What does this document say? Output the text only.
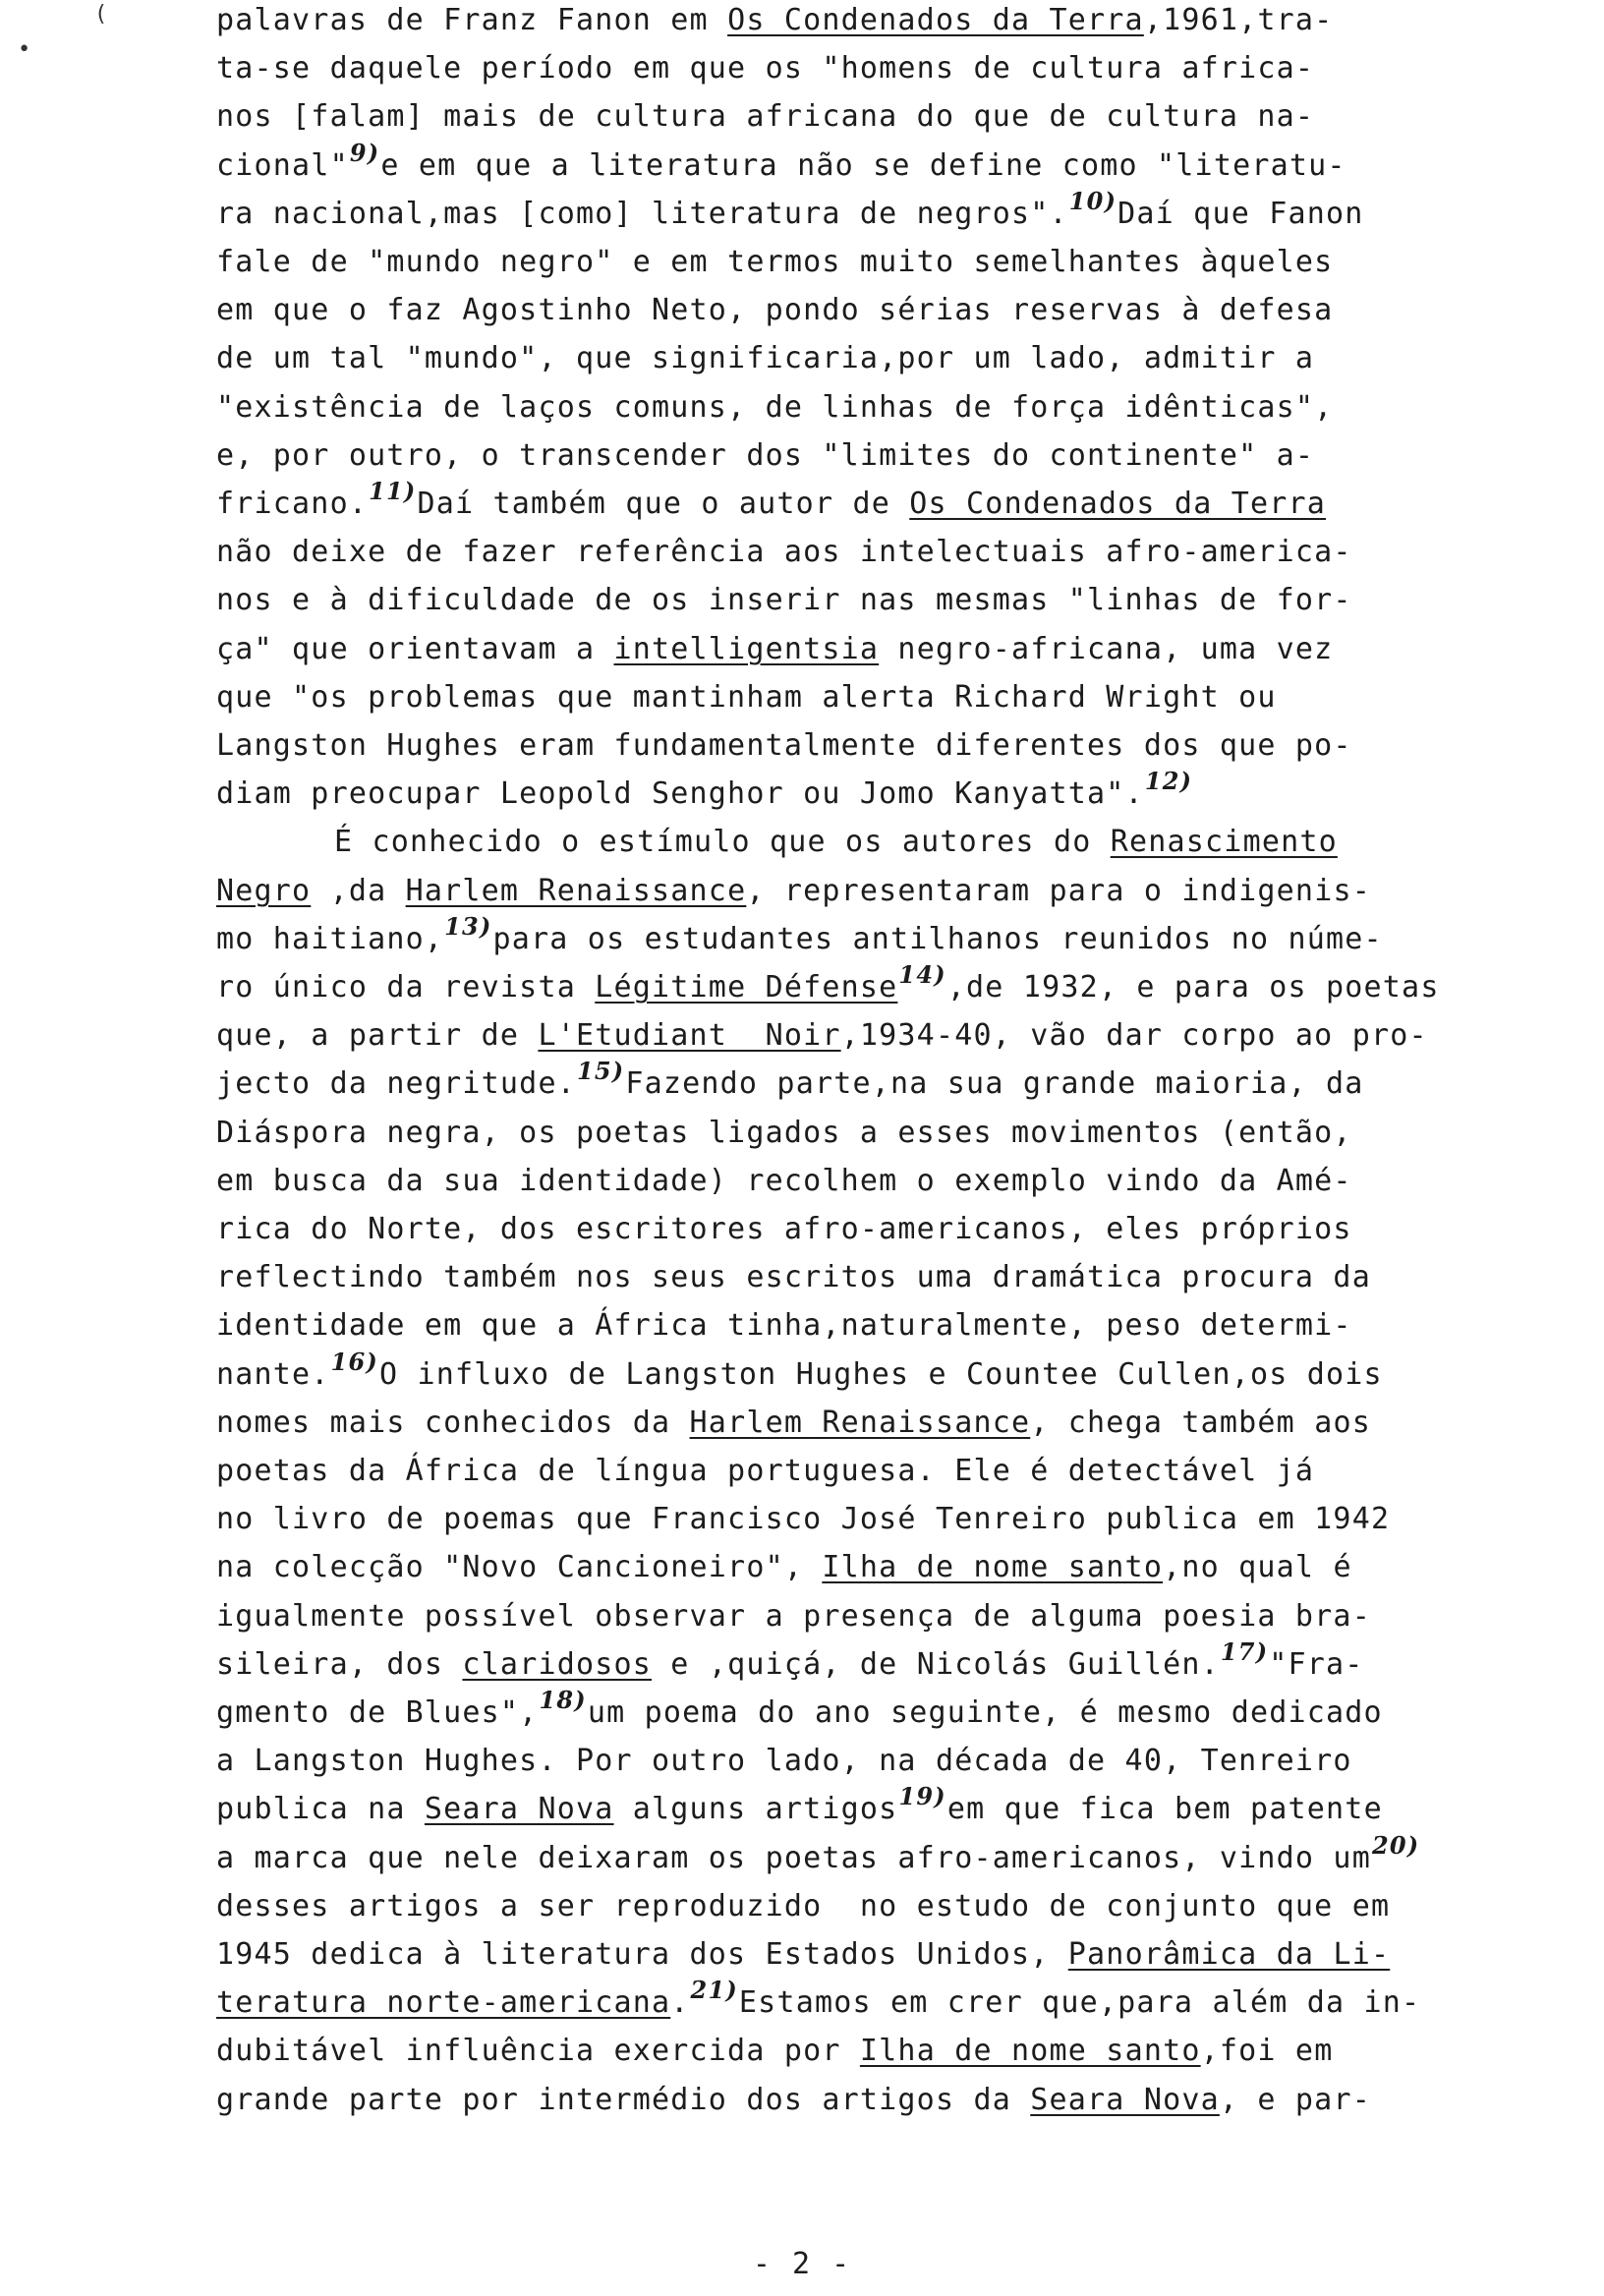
palavras de Franz Fanon em Os Condenados da Terra,1961,tra-
ta-se daquele período em que os "homens de cultura africa-
nos [falam] mais de cultura africana do que de cultura na-
cional"9)e em que a literatura não se define como "literatu-
ra nacional,mas [como] literatura de negros".10)Daí que Fanon
fale de "mundo negro" e em termos muito semelhantes àqueles
em que o faz Agostinho Neto, pondo sérias reservas à defesa
de um tal "mundo", que significaria,por um lado, admitir a
"existência de laços comuns, de linhas de força idênticas",
e, por outro, o transcender dos "limites do continente" a-
fricano.11)Daí também que o autor de Os Condenados da Terra
não deixe de fazer referência aos intelectuais afro-america-
nos e à dificuldade de os inserir nas mesmas "linhas de for-
ça" que orientavam a intelligentsia negro-africana, uma vez
que "os problemas que mantinham alerta Richard Wright ou
Langston Hughes eram fundamentalmente diferentes dos que po-
diam preocupar Leopold Senghor ou Jomo Kanyatta".12)
É conhecido o estímulo que os autores do Renascimento
Negro ,da Harlem Renaissance, representaram para o indigenis-
mo haitiano,13)para os estudantes antilhanos reunidos no núme-
ro único da revista Légitime Défense14),de 1932, e para os poetas
que, a partir de L'Etudiant  Noir,1934-40, vão dar corpo ao pro-
jecto da negritude.15)Fazendo parte,na sua grande maioria, da
Diáspora negra, os poetas ligados a esses movimentos (então,
em busca da sua identidade) recolhem o exemplo vindo da Amé-
rica do Norte, dos escritores afro-americanos, eles próprios
reflectindo também nos seus escritos uma dramática procura da
identidade em que a África tinha,naturalmente, peso determi-
nante.16)O influxo de Langston Hughes e Countee Cullen,os dois
nomes mais conhecidos da Harlem Renaissance, chega também aos
poetas da África de língua portuguesa. Ele é detectável já
no livro de poemas que Francisco José Tenreiro publica em 1942
na colecção "Novo Cancioneiro", Ilha de nome santo,no qual é
igualmente possível observar a presença de alguma poesia bra-
sileira, dos claridosos e ,quiçá, de Nicolás Guillén.17)"Fra-
gmento de Blues",18)um poema do ano seguinte, é mesmo dedicado
a Langston Hughes. Por outro lado, na década de 40, Tenreiro
publica na Seara Nova alguns artigos19)em que fica bem patente
a marca que nele deixaram os poetas afro-americanos, vindo um20)
desses artigos a ser reproduzido  no estudo de conjunto que em
1945 dedica à literatura dos Estados Unidos, Panorâmica da Li-
teratura norte-americana.21)Estamos em crer que,para além da in-
dubitável influência exercida por Ilha de nome santo,foi em
grande parte por intermédio dos artigos da Seara Nova, e par-
- 2 -
(
•
